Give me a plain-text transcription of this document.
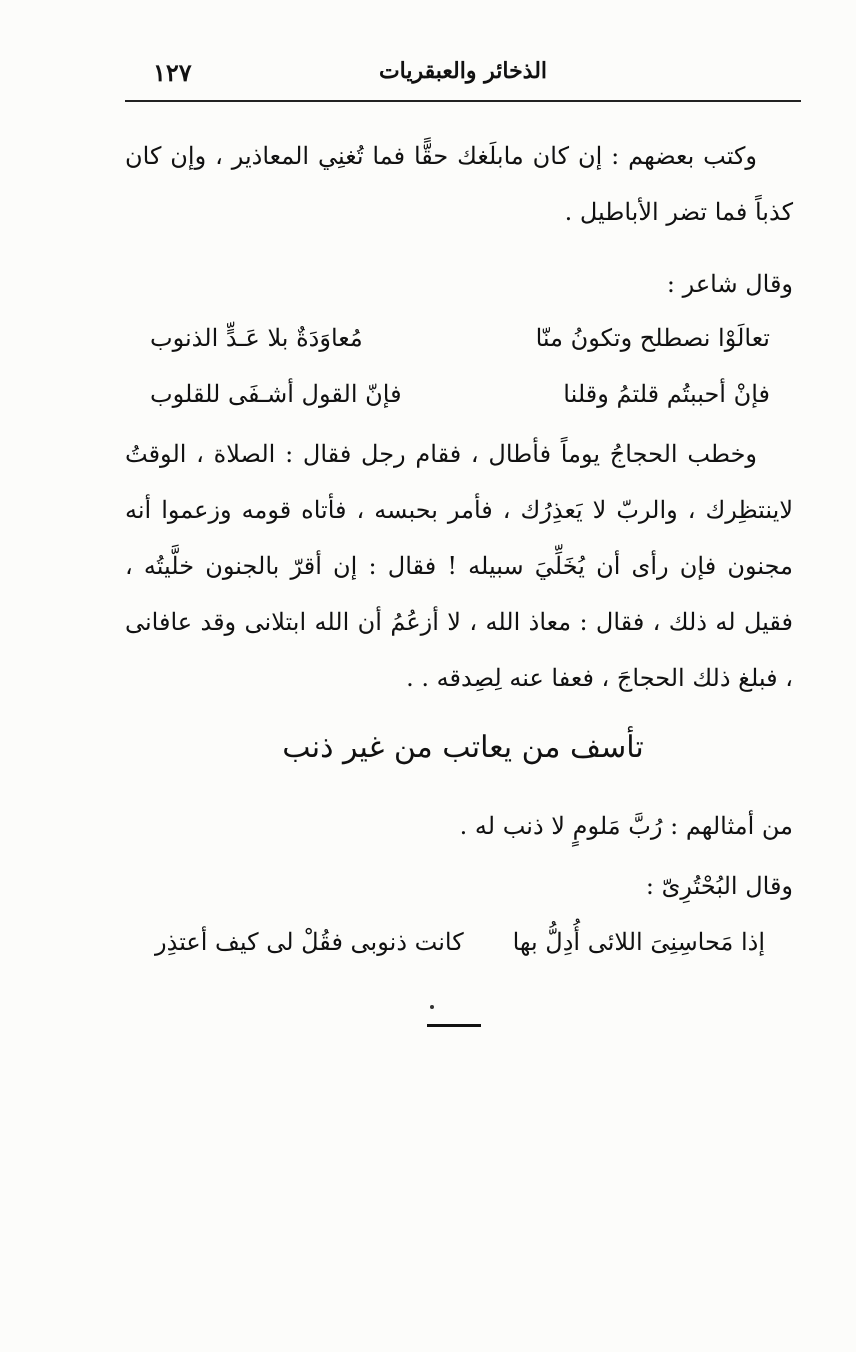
الذخائر والعبقريات
١٢٧
وكتب بعضهم : إن كان مابلَغك حقًّا فما تُغنِي المعاذير ، وإن كان كذباً فما تضر الأباطيل .
وقال شاعر :
تعالَوْا نصطلح وتكونُ منّا
مُعاوَدَةٌ بلا عَـدٍّ الذنوب
فإنْ أحببتُم قلتمُ وقلنا
فإنّ القول أشـفَى للقلوب
وخطب الحجاجُ يوماً فأطال ، فقام رجل فقال : الصلاة ، الوقتُ لاينتظِرك ، والربّ لا يَعذِرُك ، فأمر بحبسه ، فأتاه قومه وزعموا أنه مجنون فإن رأى أن يُخَلِّيَ سبيله ! فقال : إن أقرّ بالجنون خلَّيتُه ، فقيل له ذلك ، فقال : معاذ الله ، لا أزعُمُ أن الله ابتلانى وقد عافانى ، فبلغ ذلك الحجاجَ ، فعفا عنه لِصِدقه . .
تأسف من يعاتب من غير ذنب
من أمثالهم : رُبَّ مَلومٍ لا ذنب له .
وقال البُحْتُرِىّ :
إذا مَحاسِنِىَ اللائى أُدِلُّ بها
كانت ذنوبى فقُلْ لى كيف أعتذِر
